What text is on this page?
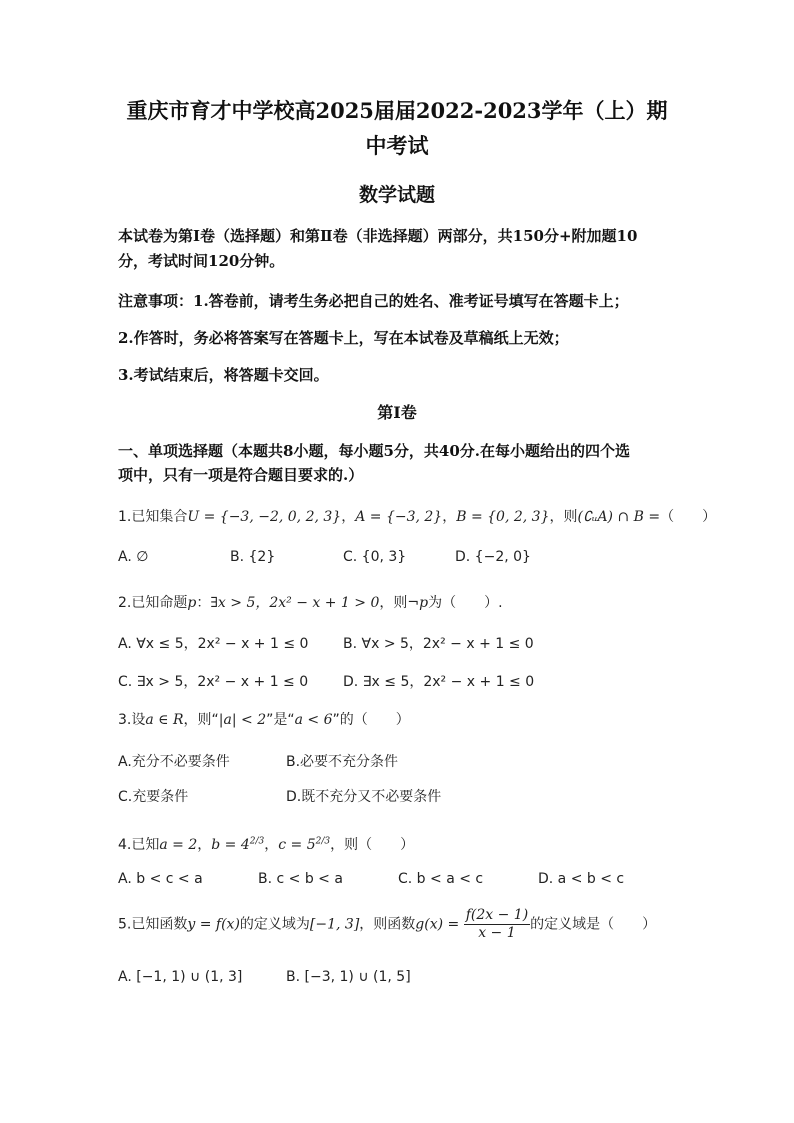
重庆市育才中学校高2025届届2022-2023学年（上）期
中考试
数学试题
本试卷为第Ⅰ卷（选择题）和第Ⅱ卷（非选择题）两部分，共150分+附加题10
分，考试时间120分钟。
注意事项：1.答卷前，请考生务必把自己的姓名、准考证号填写在答题卡上；
2.作答时，务必将答案写在答题卡上，写在本试卷及草稿纸上无效；
3.考试结束后，将答题卡交回。
第Ⅰ卷
一、单项选择题（本题共8小题，每小题5分，共40分.在每小题给出的四个选
项中，只有一项是符合题目要求的.）
1.已知集合U = {−3, −2, 0, 2, 3}，A = {−3, 2}，B = {0, 2, 3}，则(∁ᵤA) ∩ B =（　　）
A. ∅	B. {2}	C. {0, 3}	D. {−2, 0}
2.已知命题p：∃x > 5，2x² − x + 1 > 0，则¬p为（　　）.
A. ∀x ≤ 5，2x² − x + 1 ≤ 0 B. ∀x > 5，2x² − x + 1 ≤ 0
C. ∃x > 5，2x² − x + 1 ≤ 0 D. ∃x ≤ 5，2x² − x + 1 ≤ 0
3.设a ∈ R，则“|a| < 2”是“a < 6”的（　　）
A.充分不必要条件	B.必要不充分条件
C.充要条件	D.既不充分又不必要条件
4.已知a = 2，$b = 4^{2/3}$，$c = 5^{2/3}$，则（　　）
A. b < c < a	B. c < b < a	C. b < a < c	D. a < b < c
5.已知函数y = f(x)的定义域为[−1, 3]，则函数$g(x) = \frac{f(2x - 1)}{x - 1}$ 的定义域是（　　）
A. [−1, 1) ∪ (1, 3]	B. [−3, 1) ∪ (1, 5]
